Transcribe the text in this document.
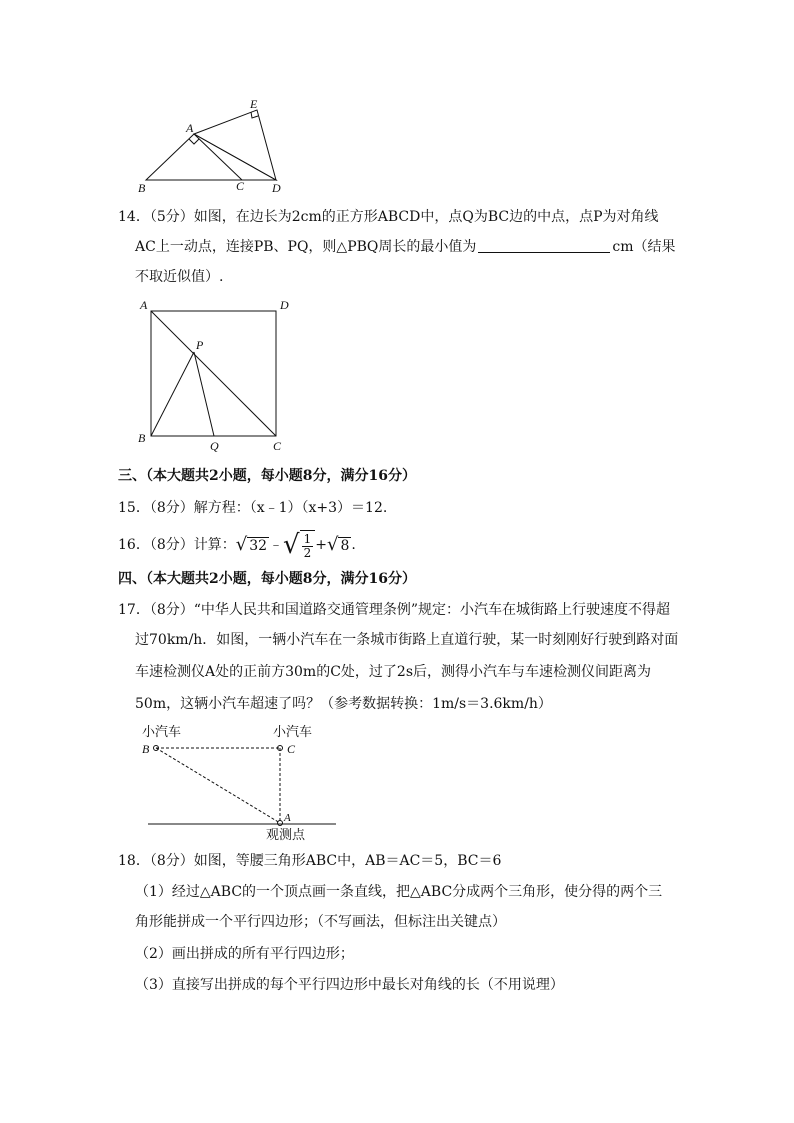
A
E
B	C D
14．（5分）如图，在边长为2cm的正方形ABCD中，点Q为BC边的中点，点P为对角线
AC上一动点，连接PB、PQ，则△PBQ周长的最小值为	cm（结果
不取近似值）.
A	D
P
B
Q	C
三、（本大题共2小题，每小题8分，满分16分）
15．（8分）解方程：（x﹣1）（x+3）＝12.
16．（8分）计算： √ 32 ﹣ √ $\frac{1}{2}$ + √ 8 .
四、（本大题共2小题，每小题8分，满分16分）
17．（8分）“中华人民共和国道路交通管理条例”规定：小汽车在城街路上行驶速度不得超
过70km/h．如图，一辆小汽车在一条城市街路上直道行驶，某一时刻刚好行驶到路对面
车速检测仪A处的正前方30m的C处，过了2s后，测得小汽车与车速检测仪间距离为
50m，这辆小汽车超速了吗？（参考数据转换：1m/s＝3.6km/h）
小汽车	小汽车
B	C
A
观测点
18．（8分）如图，等腰三角形ABC中，AB＝AC＝5，BC＝6
（1）经过△ABC的一个顶点画一条直线，把△ABC分成两个三角形，使分得的两个三
角形能拼成一个平行四边形；（不写画法，但标注出关键点）
（2）画出拼成的所有平行四边形；
（3）直接写出拼成的每个平行四边形中最长对角线的长（不用说理）
